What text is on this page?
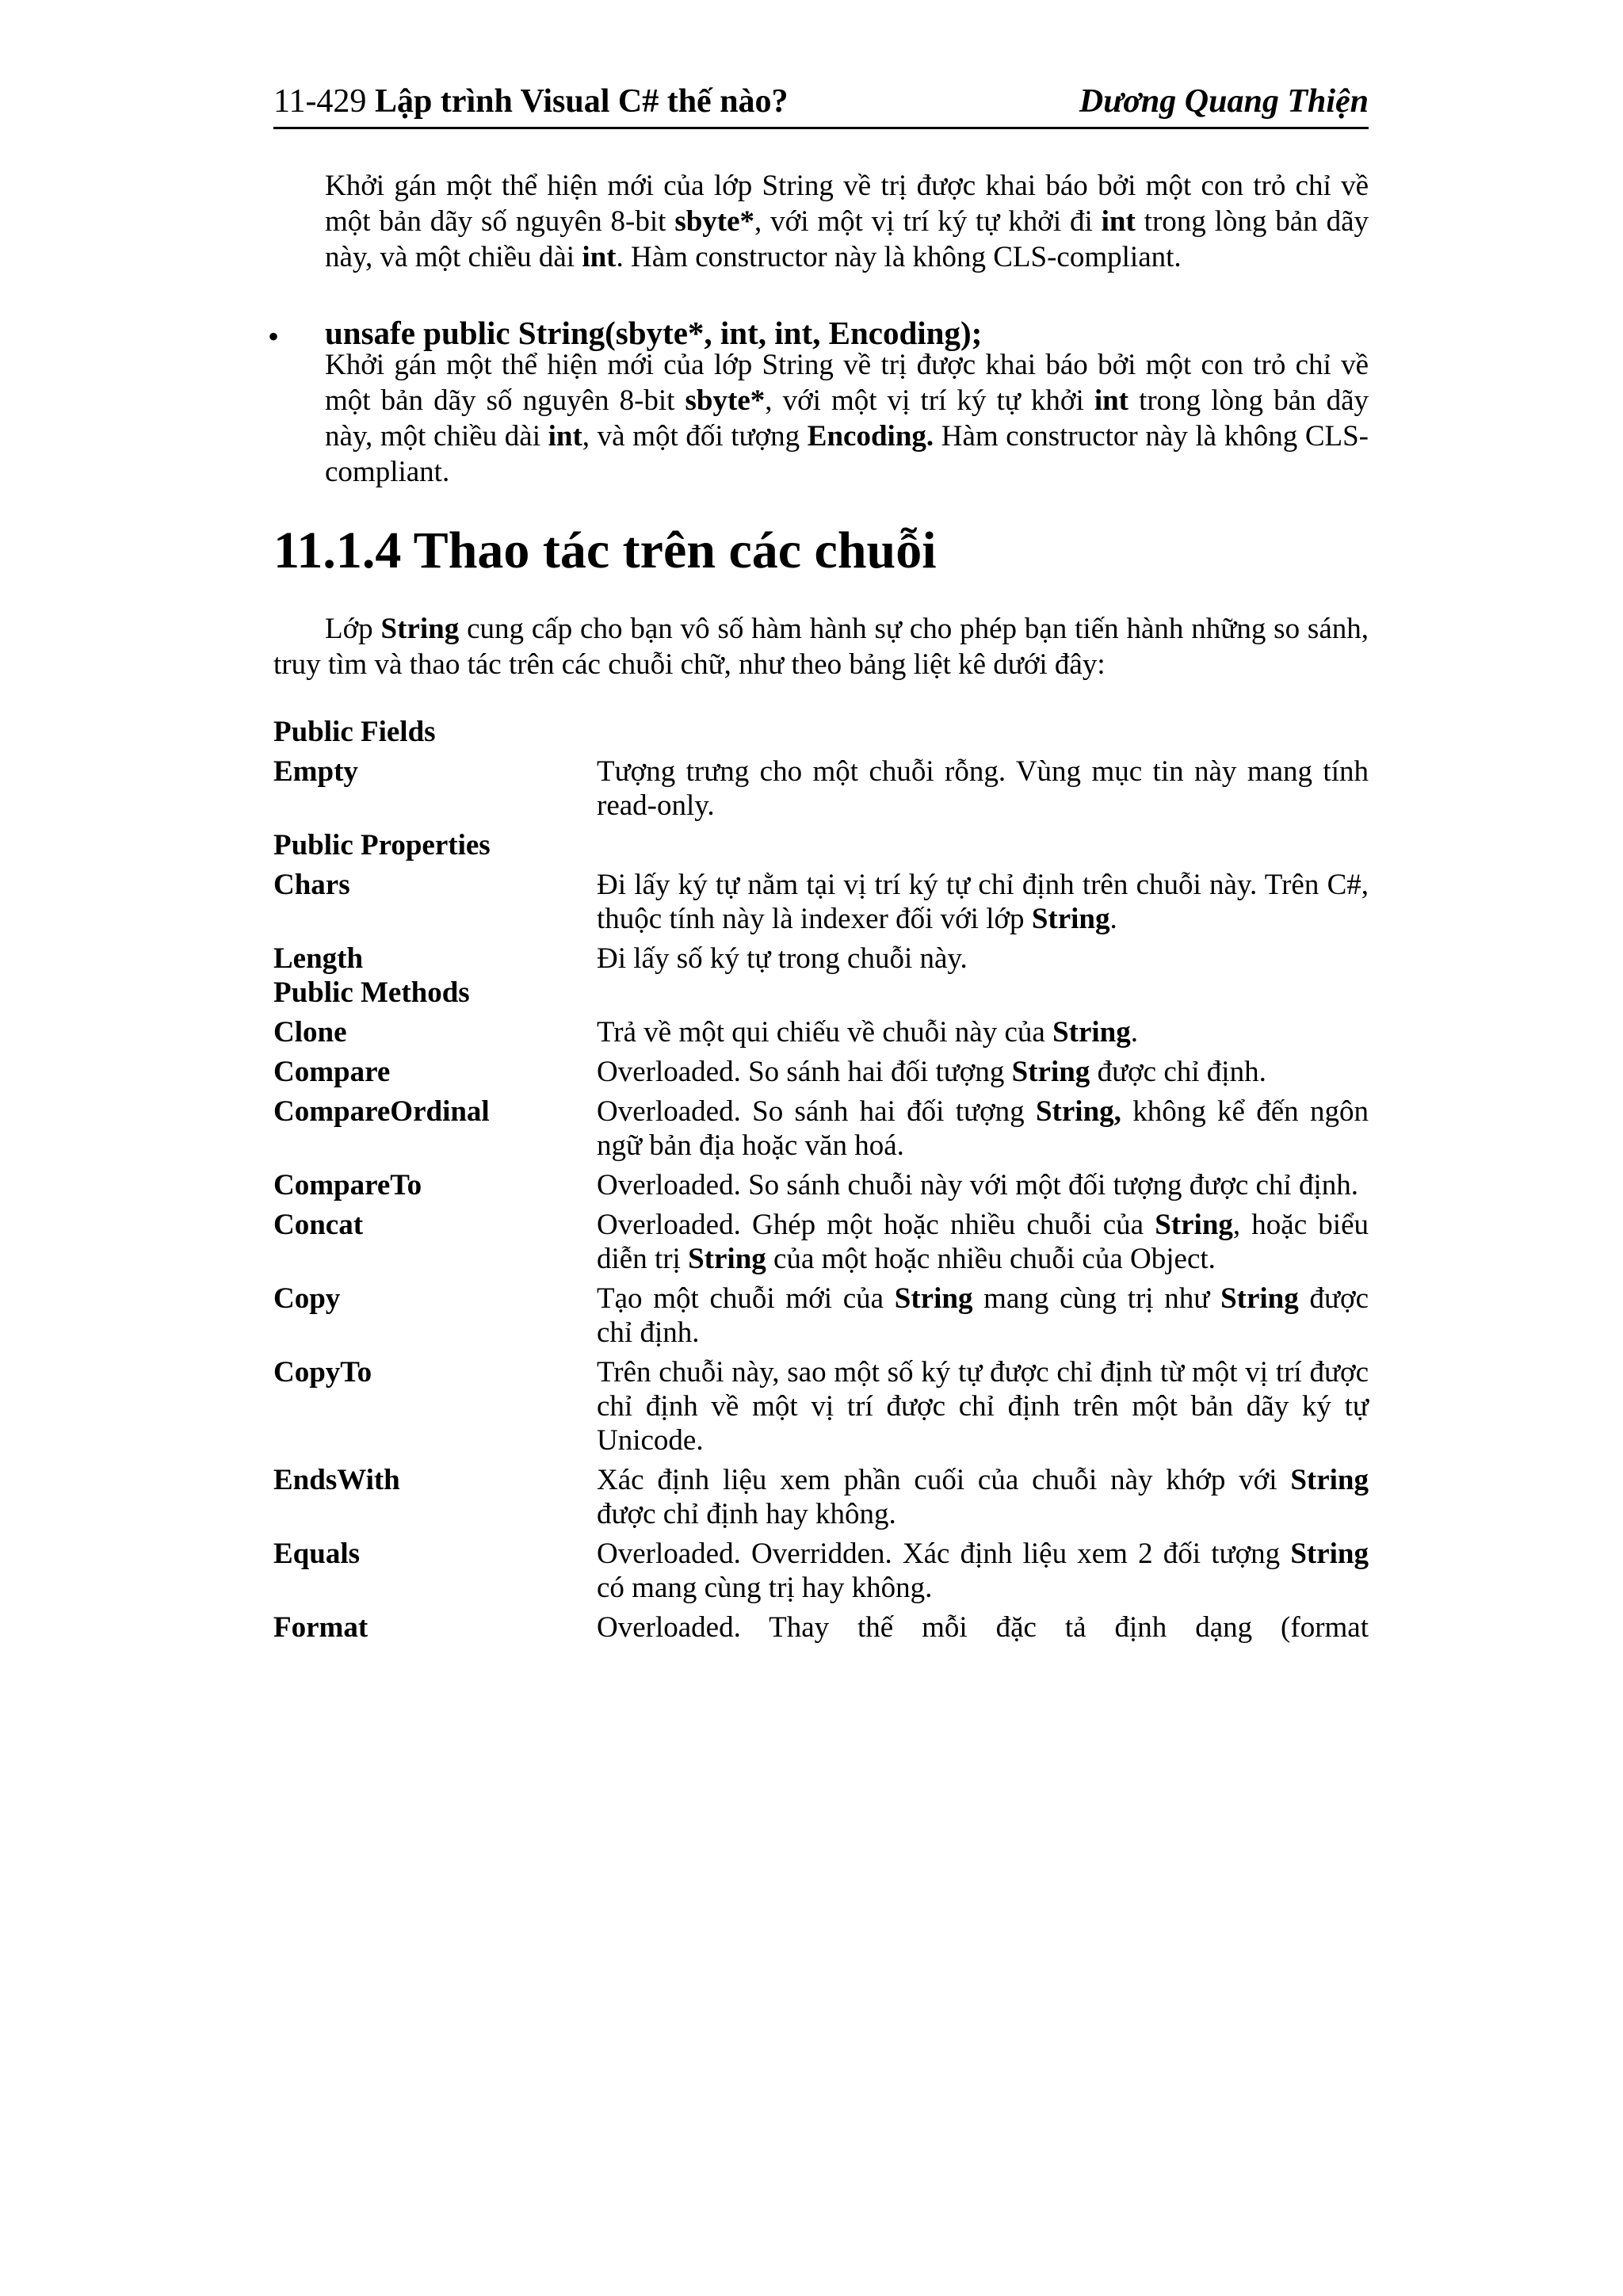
11-429 Lập trình Visual C# thế nào?	Dương Quang Thiện
Khởi gán một thể hiện mới của lớp String về trị được khai báo bởi một con trỏ chỉ về một bản dãy số nguyên 8-bit sbyte*, với một vị trí ký tự khởi đi int trong lòng bản dãy này, và một chiều dài int. Hàm constructor này là không CLS-compliant.
• unsafe public String(sbyte*, int, int, Encoding);
Khởi gán một thể hiện mới của lớp String về trị được khai báo bởi một con trỏ chỉ về một bản dãy số nguyên 8-bit sbyte*, với một vị trí ký tự khởi int trong lòng bản dãy này, một chiều dài int, và một đối tượng Encoding. Hàm constructor này là không CLS-compliant.
11.1.4 Thao tác trên các chuỗi
Lớp String cung cấp cho bạn vô số hàm hành sự cho phép bạn tiến hành những so sánh, truy tìm và thao tác trên các chuỗi chữ, như theo bảng liệt kê dưới đây:
Public Fields
Empty	Tượng trưng cho một chuỗi rỗng. Vùng mục tin này mang tính read-only.
Public Properties
Chars	Đi lấy ký tự nằm tại vị trí ký tự chỉ định trên chuỗi này. Trên C#, thuộc tính này là indexer đối với lớp String.
Length	Đi lấy số ký tự trong chuỗi này.
Public Methods
Clone	Trả về một qui chiếu về chuỗi này của String.
Compare	Overloaded. So sánh hai đối tượng String được chỉ định.
CompareOrdinal	Overloaded. So sánh hai đối tượng String, không kể đến ngôn ngữ bản địa hoặc văn hoá.
CompareTo	Overloaded. So sánh chuỗi này với một đối tượng được chỉ định.
Concat	Overloaded. Ghép một hoặc nhiều chuỗi của String, hoặc biểu diễn trị String của một hoặc nhiều chuỗi của Object.
Copy	Tạo một chuỗi mới của String mang cùng trị như String được chỉ định.
CopyTo	Trên chuỗi này, sao một số ký tự được chỉ định từ một vị trí được chỉ định về một vị trí được chỉ định trên một bản dãy ký tự Unicode.
EndsWith	Xác định liệu xem phần cuối của chuỗi này khớp với String được chỉ định hay không.
Equals	Overloaded. Overridden. Xác định liệu xem 2 đối tượng String có mang cùng trị hay không.
Format	Overloaded. Thay thế mỗi đặc tả định dạng (format
